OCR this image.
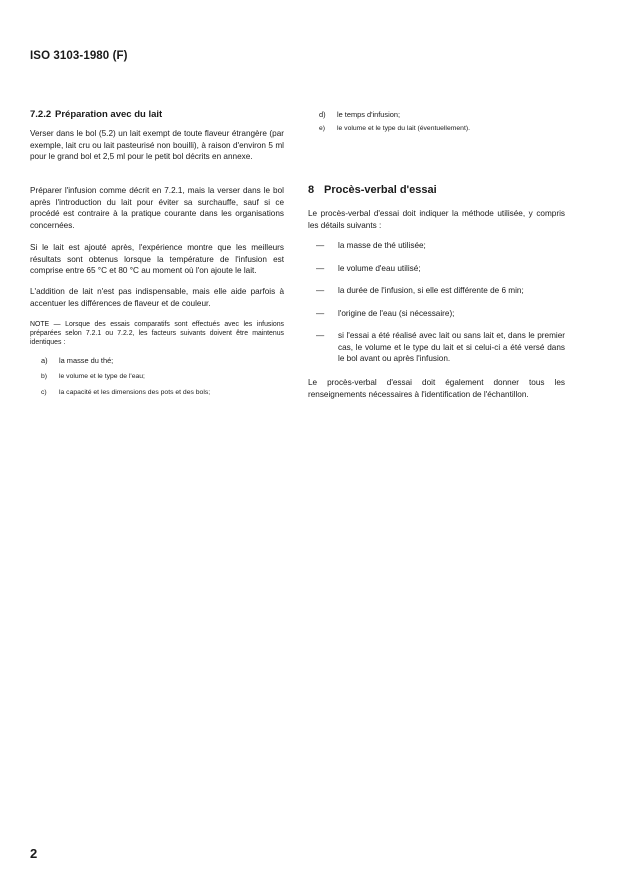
ISO 3103-1980 (F)
7.2.2 Préparation avec du lait
Verser dans le bol (5.2) un lait exempt de toute flaveur étrangère (par exemple, lait cru ou lait pasteurisé non bouilli), à raison d'environ 5 ml pour le grand bol et 2,5 ml pour le petit bol décrits en annexe.
Préparer l'infusion comme décrit en 7.2.1, mais la verser dans le bol après l'introduction du lait pour éviter sa surchauffe, sauf si ce procédé est contraire à la pratique courante dans les organisations concernées.
Si le lait est ajouté après, l'expérience montre que les meilleurs résultats sont obtenus lorsque la température de l'infusion est comprise entre 65 °C et 80 °C au moment où l'on ajoute le lait.
L'addition de lait n'est pas indispensable, mais elle aide parfois à accentuer les différences de flaveur et de couleur.
NOTE — Lorsque des essais comparatifs sont effectués avec les infusions préparées selon 7.2.1 ou 7.2.2, les facteurs suivants doivent être maintenus identiques :
a)	la masse du thé;
b)	le volume et le type de l'eau;
c)	la capacité et les dimensions des pots et des bols;
d)	le temps d'infusion;
e)	le volume et le type du lait (éventuellement).
8 Procès-verbal d'essai
Le procès-verbal d'essai doit indiquer la méthode utilisée, y compris les détails suivants :
—	la masse de thé utilisée;
—	le volume d'eau utilisé;
—	la durée de l'infusion, si elle est différente de 6 min;
—	l'origine de l'eau (si nécessaire);
—	si l'essai a été réalisé avec lait ou sans lait et, dans le premier cas, le volume et le type du lait et si celui-ci a été versé dans le bol avant ou après l'infusion.
Le procès-verbal d'essai doit également donner tous les renseignements nécessaires à l'identification de l'échantillon.
2
